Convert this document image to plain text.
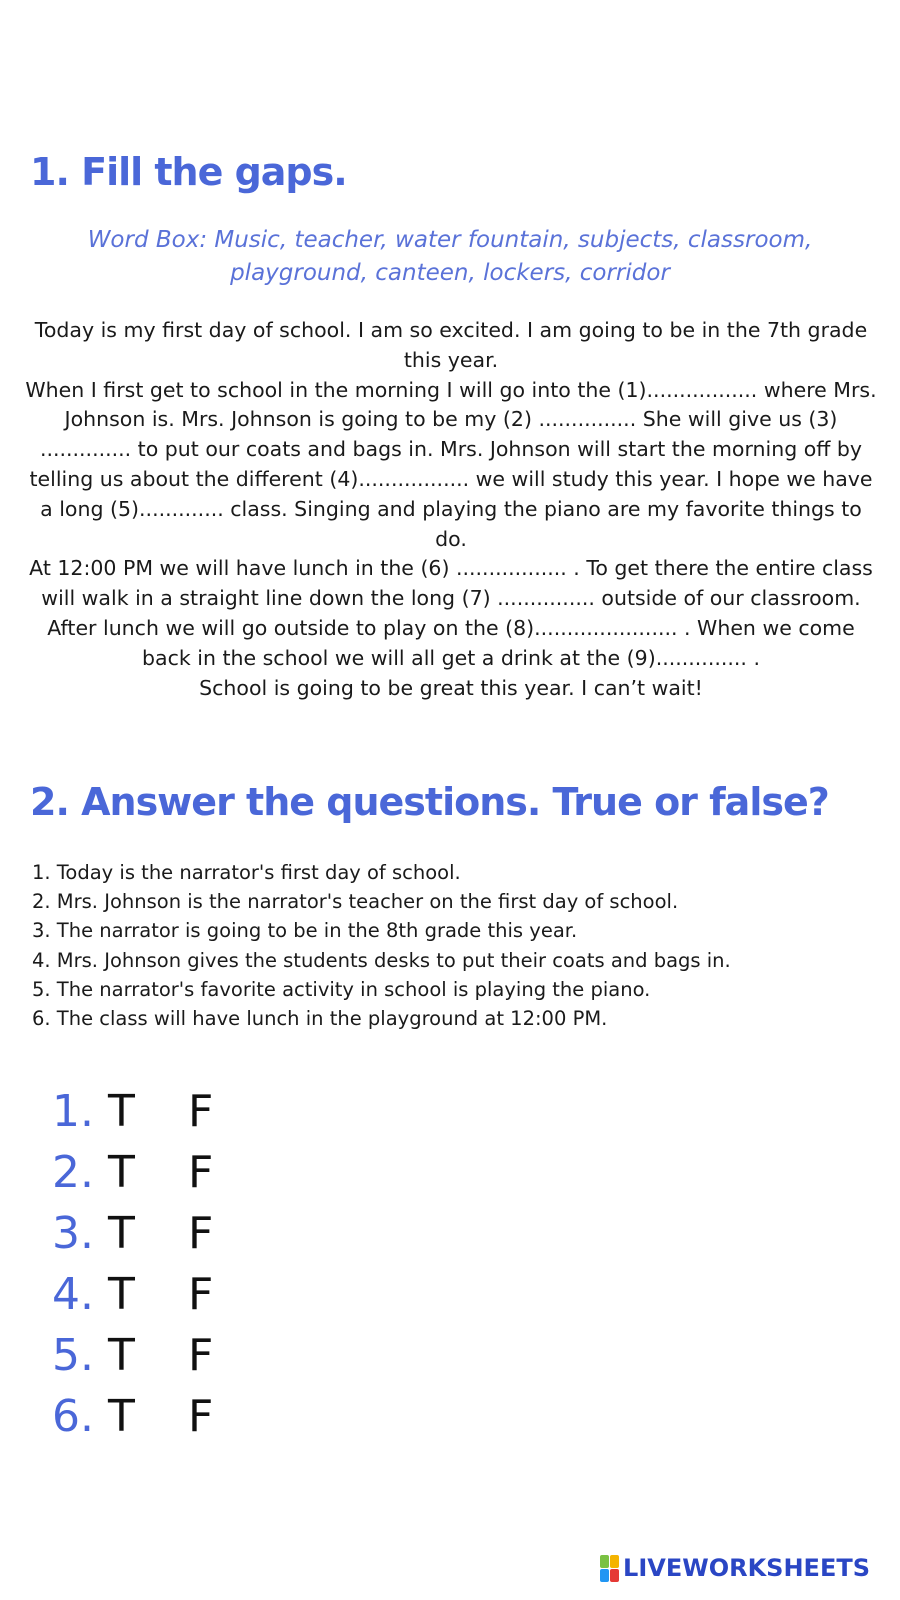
1. Fill the gaps.

Word Box: Music, teacher, water fountain, subjects, classroom, playground, canteen, lockers, corridor

Today is my first day of school. I am so excited. I am going to be in the 7th grade this year.

When I first get to school in the morning I will go into the (1)................. where Mrs. Johnson is. Mrs. Johnson is going to be my (2) ............... She will give us (3) .............. to put our coats and bags in. Mrs. Johnson will start the morning off by telling us about the different (4)................. we will study this year. I hope we have a long (5)............. class. Singing and playing the piano are my favorite things to do.

At 12:00 PM we will have lunch in the (6) ................. . To get there the entire class will walk in a straight line down the long (7) ............... outside of our classroom. After lunch we will go outside to play on the (8)...................... . When we come back in the school we will all get a drink at the (9).............. .

School is going to be great this year. I can’t wait!

2. Answer the questions. True or false?
1. Today is the narrator's first day of school.
2. Mrs. Johnson is the narrator's teacher on the first day of school.
3. The narrator is going to be in the 8th grade this year.
4. Mrs. Johnson gives the students desks to put their coats and bags in.
5. The narrator's favorite activity in school is playing the piano.
6. The class will have lunch in the playground at 12:00 PM.
1. T	F
2. T	F
3. T	F
4. T	F
5. T	F
6. T	F
LIVEWORKSHEETS
